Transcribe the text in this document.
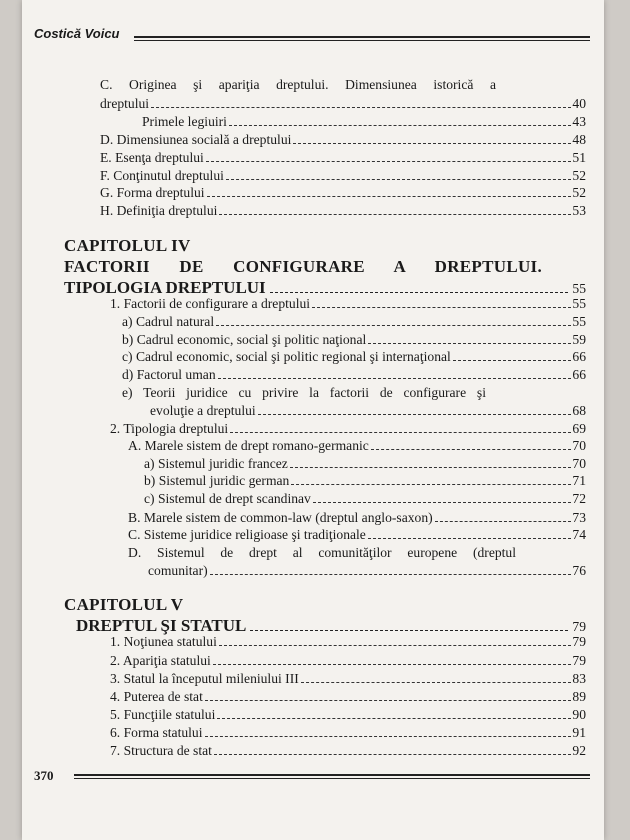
Costică Voicu
C. Originea şi apariţia dreptului. Dimensiunea istorică a
dreptului	40
Primele legiuiri	43
D. Dimensiunea socială a dreptului	48
E. Esenţa dreptului	51
F. Conţinutul dreptului	52
G. Forma dreptului	52
H. Definiţia dreptului	53
CAPITOLUL IV
FACTORII DE CONFIGURARE A DREPTULUI.
TIPOLOGIA DREPTULUI	55
1. Factorii de configurare a dreptului	55
a) Cadrul natural	55
b) Cadrul economic, social şi politic naţional	59
c) Cadrul economic, social şi politic regional şi internaţional	66
d) Factorul uman	66
e) Teorii juridice cu privire la factorii de configurare şi
evoluţie a dreptului	68
2. Tipologia dreptului	69
A. Marele sistem de drept romano-germanic	70
a) Sistemul juridic francez	70
b) Sistemul juridic german	71
c) Sistemul de drept scandinav	72
B. Marele sistem de common-law (dreptul anglo-saxon)	73
C. Sisteme juridice religioase şi tradiţionale	74
D. Sistemul de drept al comunităţilor europene (dreptul
comunitar)	76
CAPITOLUL V
DREPTUL ŞI STATUL	79
1. Noţiunea statului	79
2. Apariţia statului	79
3. Statul la începutul mileniului III	83
4. Puterea de stat	89
5. Funcţiile statului	90
6. Forma statului	91
7. Structura de stat	92
370
